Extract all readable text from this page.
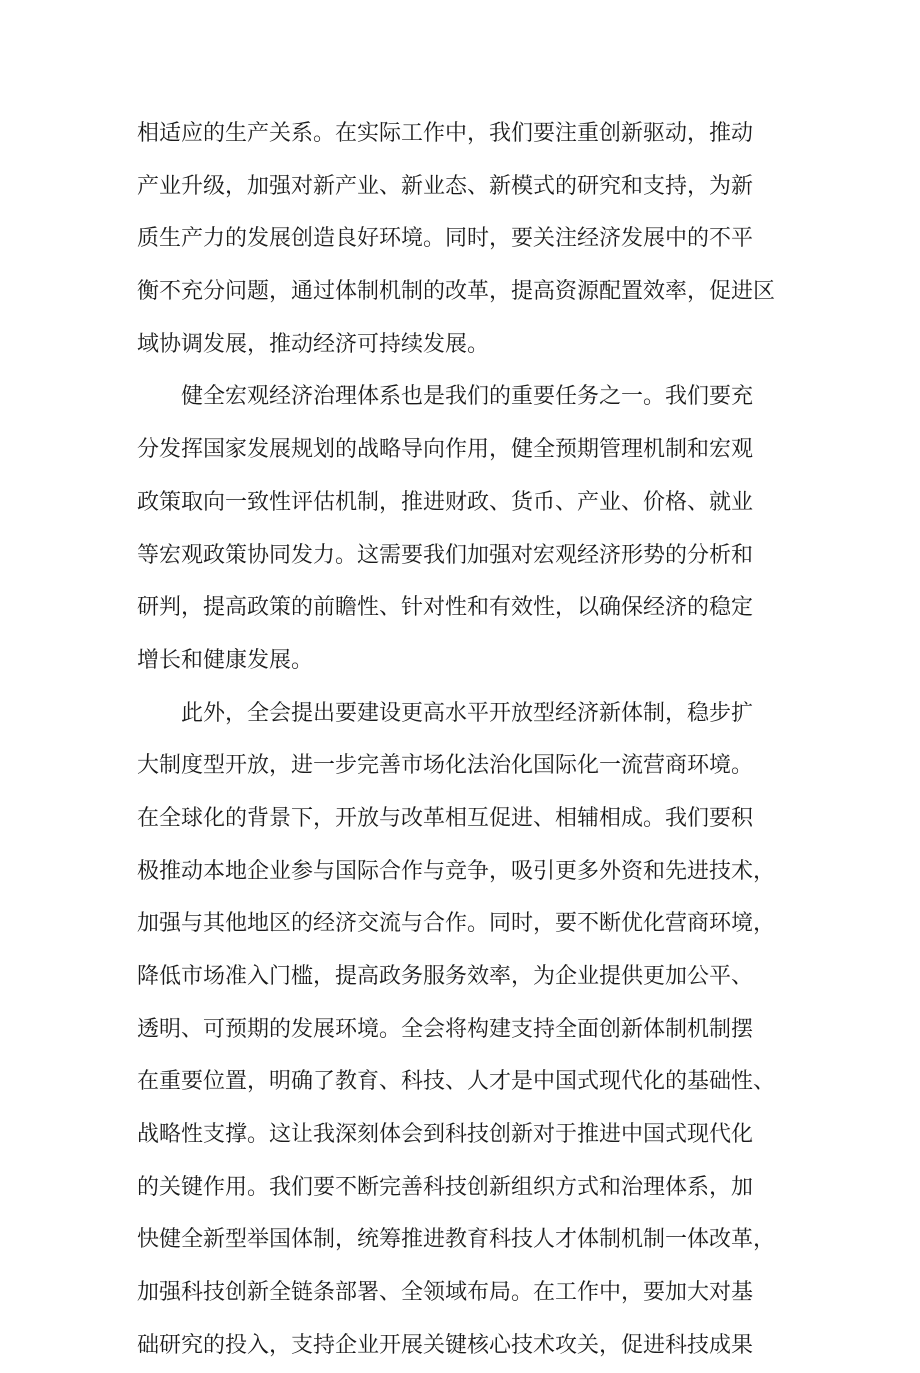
相适应的生产关系。在实际工作中，我们要注重创新驱动，推动
产业升级，加强对新产业、新业态、新模式的研究和支持，为新
质生产力的发展创造良好环境。同时，要关注经济发展中的不平
衡不充分问题，通过体制机制的改革，提高资源配置效率，促进区
域协调发展，推动经济可持续发展。
　　健全宏观经济治理体系也是我们的重要任务之一。我们要充
分发挥国家发展规划的战略导向作用，健全预期管理机制和宏观
政策取向一致性评估机制，推进财政、货币、产业、价格、就业
等宏观政策协同发力。这需要我们加强对宏观经济形势的分析和
研判，提高政策的前瞻性、针对性和有效性，以确保经济的稳定
增长和健康发展。
　　此外，全会提出要建设更高水平开放型经济新体制，稳步扩
大制度型开放，进一步完善市场化法治化国际化一流营商环境。
在全球化的背景下，开放与改革相互促进、相辅相成。我们要积
极推动本地企业参与国际合作与竞争，吸引更多外资和先进技术，
加强与其他地区的经济交流与合作。同时，要不断优化营商环境，
降低市场准入门槛，提高政务服务效率，为企业提供更加公平、
透明、可预期的发展环境。全会将构建支持全面创新体制机制摆
在重要位置，明确了教育、科技、人才是中国式现代化的基础性、
战略性支撑。这让我深刻体会到科技创新对于推进中国式现代化
的关键作用。我们要不断完善科技创新组织方式和治理体系，加
快健全新型举国体制，统筹推进教育科技人才体制机制一体改革，
加强科技创新全链条部署、全领域布局。在工作中，要加大对基
础研究的投入，支持企业开展关键核心技术攻关，促进科技成果
